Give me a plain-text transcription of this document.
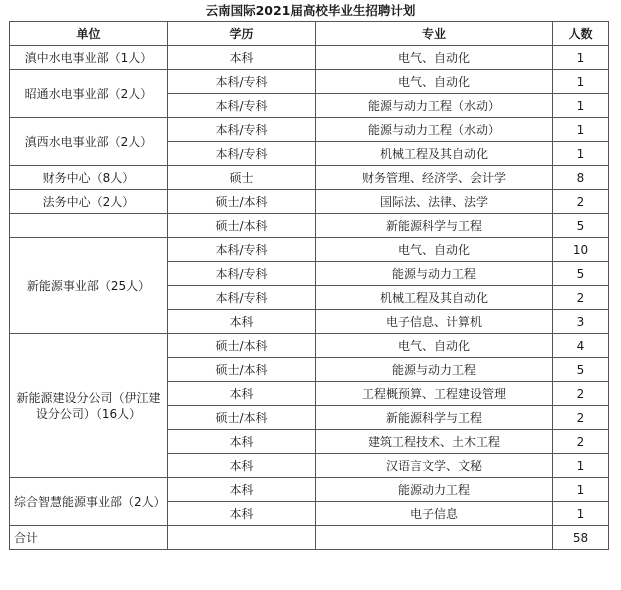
云南国际2021届高校毕业生招聘计划
单位	学历	专业	人数
滇中水电事业部（1人）	本科	电气、自动化	1
昭通水电事业部（2人）	本科/专科	电气、自动化	1
	本科/专科	能源与动力工程（水动）	1
滇西水电事业部（2人）	本科/专科	能源与动力工程（水动）	1
	本科/专科	机械工程及其自动化	1
财务中心（8人）	硕士	财务管理、经济学、会计学	8
法务中心（2人）	硕士/本科	国际法、法律、法学	2
	硕士/本科	新能源科学与工程	5
新能源事业部（25人）	本科/专科	电气、自动化	10
	本科/专科	能源与动力工程	5
	本科/专科	机械工程及其自动化	2
	本科	电子信息、计算机	3
新能源建设分公司（伊江建设分公司）（16人）	硕士/本科	电气、自动化	4
	硕士/本科	能源与动力工程	5
	本科	工程概预算、工程建设管理	2
	硕士/本科	新能源科学与工程	2
	本科	建筑工程技术、土木工程	2
	本科	汉语言文学、文秘	1
综合智慧能源事业部（2人）	本科	能源动力工程	1
	本科	电子信息	1
合计			58
